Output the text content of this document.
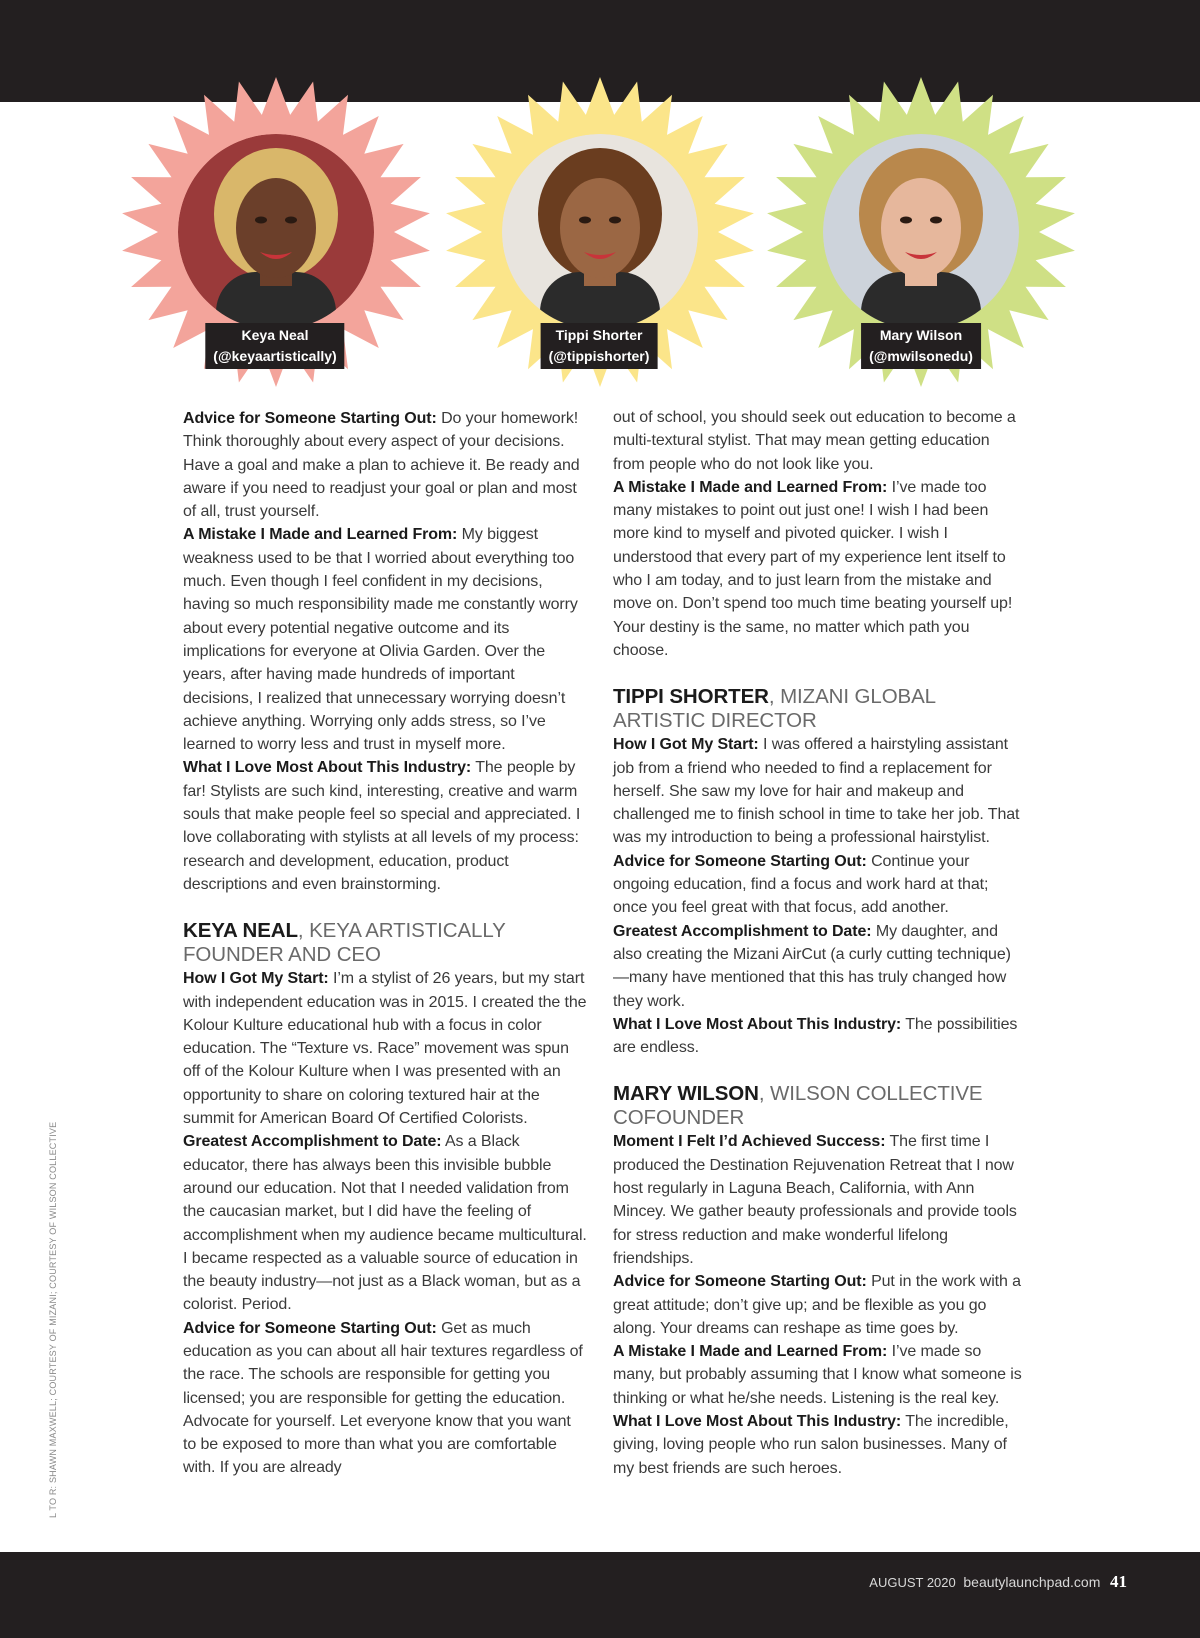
Keya Neal
(@keyaartistically)
Tippi Shorter
(@tippishorter)
Mary Wilson
(@mwilsonedu)

Advice for Someone Starting Out: Do your homework! Think thoroughly about every aspect of your decisions. Have a goal and make a plan to achieve it. Be ready and aware if you need to readjust your goal or plan and most of all, trust yourself.

A Mistake I Made and Learned From: My biggest weakness used to be that I worried about everything too much. Even though I feel confident in my decisions, having so much responsibility made me constantly worry about every potential negative outcome and its implications for everyone at Olivia Garden. Over the years, after having made hundreds of important decisions, I realized that unnecessary worrying doesn’t achieve anything. Worrying only adds stress, so I’ve learned to worry less and trust in myself more.

What I Love Most About This Industry: The people by far! Stylists are such kind, interesting, creative and warm souls that make people feel so special and appreciated. I love collaborating with stylists at all levels of my process: research and development, education, product descriptions and even brainstorming.

KEYA NEAL, KEYA ARTISTICALLY FOUNDER AND CEO

How I Got My Start: I’m a stylist of 26 years, but my start with independent education was in 2015. I created the the Kolour Kulture educational hub with a focus in color education. The “Texture vs. Race” movement was spun off of the Kolour Kulture when I was presented with an opportunity to share on coloring textured hair at the summit for American Board Of Certified Colorists.

Greatest Accomplishment to Date: As a Black educator, there has always been this invisible bubble around our education. Not that I needed validation from the caucasian market, but I did have the feeling of accomplishment when my audience became multicultural. I became respected as a valuable source of education in the beauty industry—not just as a Black woman, but as a colorist. Period.

Advice for Someone Starting Out: Get as much education as you can about all hair textures regardless of the race. The schools are responsible for getting you licensed; you are responsible for getting the education. Advocate for yourself. Let everyone know that you want to be exposed to more than what you are comfortable with. If you are already

out of school, you should seek out education to become a multi-textural stylist. That may mean getting education from people who do not look like you.

A Mistake I Made and Learned From: I’ve made too many mistakes to point out just one! I wish I had been more kind to myself and pivoted quicker. I wish I understood that every part of my experience lent itself to who I am today, and to just learn from the mistake and move on. Don’t spend too much time beating yourself up! Your destiny is the same, no matter which path you choose.

TIPPI SHORTER, MIZANI GLOBAL ARTISTIC DIRECTOR

How I Got My Start: I was offered a hairstyling assistant job from a friend who needed to find a replacement for herself. She saw my love for hair and makeup and challenged me to finish school in time to take her job. That was my introduction to being a professional hairstylist.

Advice for Someone Starting Out: Continue your ongoing education, find a focus and work hard at that; once you feel great with that focus, add another.

Greatest Accomplishment to Date: My daughter, and also creating the Mizani AirCut (a curly cutting technique)—many have mentioned that this has truly changed how they work.

What I Love Most About This Industry: The possibilities are endless.

MARY WILSON, WILSON COLLECTIVE COFOUNDER

Moment I Felt I’d Achieved Success: The first time I produced the Destination Rejuvenation Retreat that I now host regularly in Laguna Beach, California, with Ann Mincey. We gather beauty professionals and provide tools for stress reduction and make wonderful lifelong friendships.

Advice for Someone Starting Out: Put in the work with a great attitude; don’t give up; and be flexible as you go along. Your dreams can reshape as time goes by.

A Mistake I Made and Learned From: I’ve made so many, but probably assuming that I know what someone is thinking or what he/she needs. Listening is the real key.

What I Love Most About This Industry: The incredible, giving, loving people who run salon businesses. Many of my best friends are such heroes.

L TO R: SHAWN MAXWELL; COURTESY OF MIZANI; COURTESY OF WILSON COLLECTIVE
AUGUST 2020 beautylaunchpad.com 41
